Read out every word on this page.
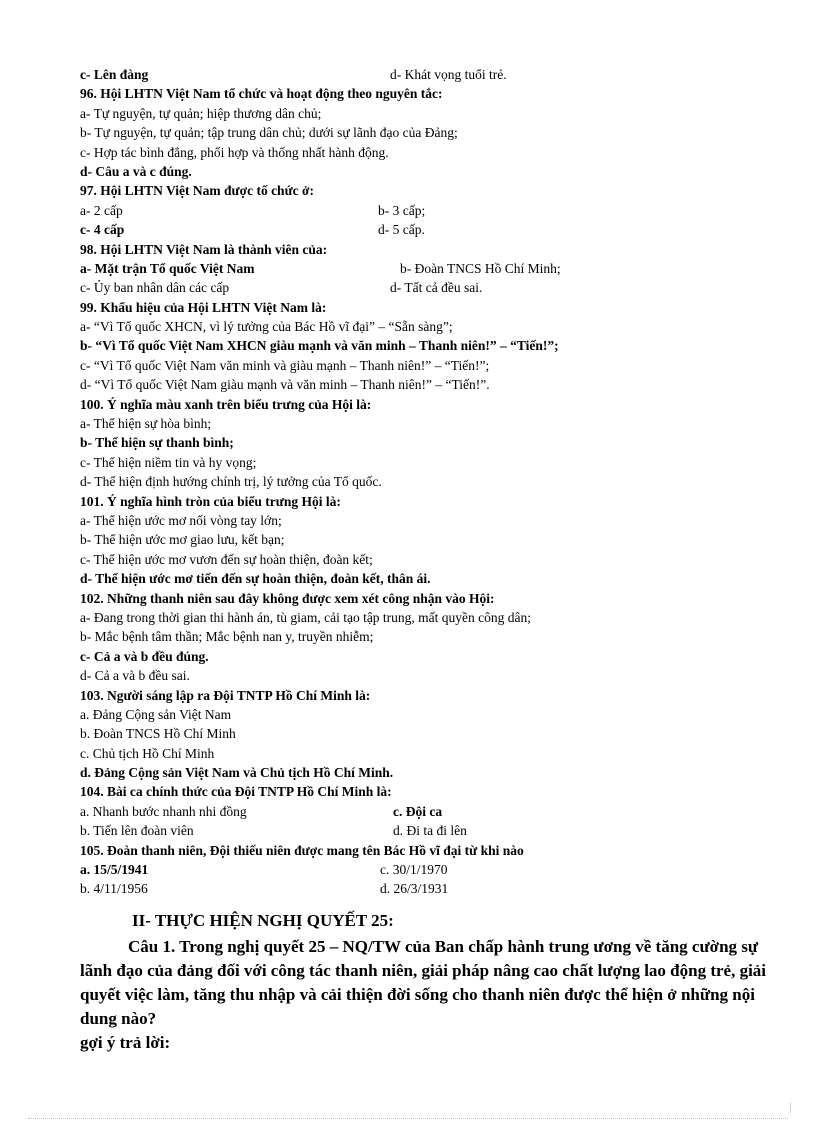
c- Lên đàng	d- Khát vọng tuổi trẻ.
96. Hội LHTN Việt Nam tổ chức và hoạt động theo nguyên tắc:
a- Tự nguyện, tự quản; hiệp thương dân chủ;
b- Tự nguyện, tự quản; tập trung dân chủ; dưới sự lãnh đạo của Đảng;
c- Hợp tác bình đẳng, phối hợp và thống nhất hành động.
d- Câu a và c đúng.
97. Hội LHTN Việt Nam được tổ chức ở:
a- 2 cấp	b- 3 cấp;
c- 4 cấp	d- 5 cấp.
98. Hội LHTN Việt Nam là thành viên của:
a- Mặt trận Tổ quốc Việt Nam	b- Đoàn TNCS Hồ Chí Minh;
c- Ủy ban nhân dân các cấp	d- Tất cả đều sai.
99. Khẩu hiệu của Hội LHTN Việt Nam là:
a- “Vì Tổ quốc XHCN, vì lý tưởng của Bác Hồ vĩ đại” – “Sẵn sàng”;
b- “Vì Tổ quốc Việt Nam XHCN giàu mạnh và văn minh – Thanh niên!” – “Tiến!”;
c- “Vì Tổ quốc Việt Nam văn minh và giàu mạnh – Thanh niên!” – “Tiến!”;
d- “Vì Tổ quốc Việt Nam giàu mạnh và văn minh – Thanh niên!” – “Tiến!”.
100. Ý nghĩa màu xanh trên biểu trưng của Hội là:
a- Thể hiện sự hòa bình;
b- Thể hiện sự thanh bình;
c- Thể hiện niềm tin và hy vọng;
d- Thể hiện định hướng chính trị, lý tưởng của Tổ quốc.
101. Ý nghĩa hình tròn của biểu trưng Hội là:
a- Thể hiện ước mơ nối vòng tay lớn;
b- Thể hiện ước mơ giao lưu, kết bạn;
c- Thể hiện ước mơ vươn đến sự hoàn thiện, đoàn kết;
d- Thể hiện ước mơ tiến đến sự hoàn thiện, đoàn kết, thân ái.
102. Những thanh niên sau đây không được xem xét công nhận vào Hội:
a- Đang trong thời gian thi hành án, tù giam, cải tạo tập trung, mất quyền công dân;
b- Mắc bệnh tâm thần; Mắc bệnh nan y, truyền nhiễm;
c- Cả a và b đều đúng.
d- Cả a và b đều sai.
103. Người sáng lập ra Đội TNTP Hồ Chí Minh là:
a. Đảng Cộng sản Việt Nam
b. Đoàn TNCS Hồ Chí Minh
c. Chủ tịch Hồ Chí Minh
d. Đảng Cộng sản Việt Nam và Chủ tịch Hồ Chí Minh.
104. Bài ca chính thức của Đội TNTP Hồ Chí Minh là:
a. Nhanh bước nhanh nhi đồng	c. Đội ca
b. Tiến lên đoàn viên	d. Đi ta đi lên
105. Đoàn thanh niên, Đội thiếu niên được mang tên Bác Hồ vĩ đại từ khi nào
a. 15/5/1941	c. 30/1/1970
b. 4/11/1956	d. 26/3/1931
II- THỰC HIỆN NGHỊ QUYẾT 25:
Câu 1. Trong nghị quyết 25 – NQ/TW của Ban chấp hành trung ương về tăng cường sự lãnh đạo của đảng đối với công tác thanh niên, giải pháp nâng cao chất lượng lao động trẻ, giải quyết việc làm, tăng thu nhập và cải thiện đời sống cho thanh niên được thể hiện ở những nội dung nào?
gợi ý trả lời:
